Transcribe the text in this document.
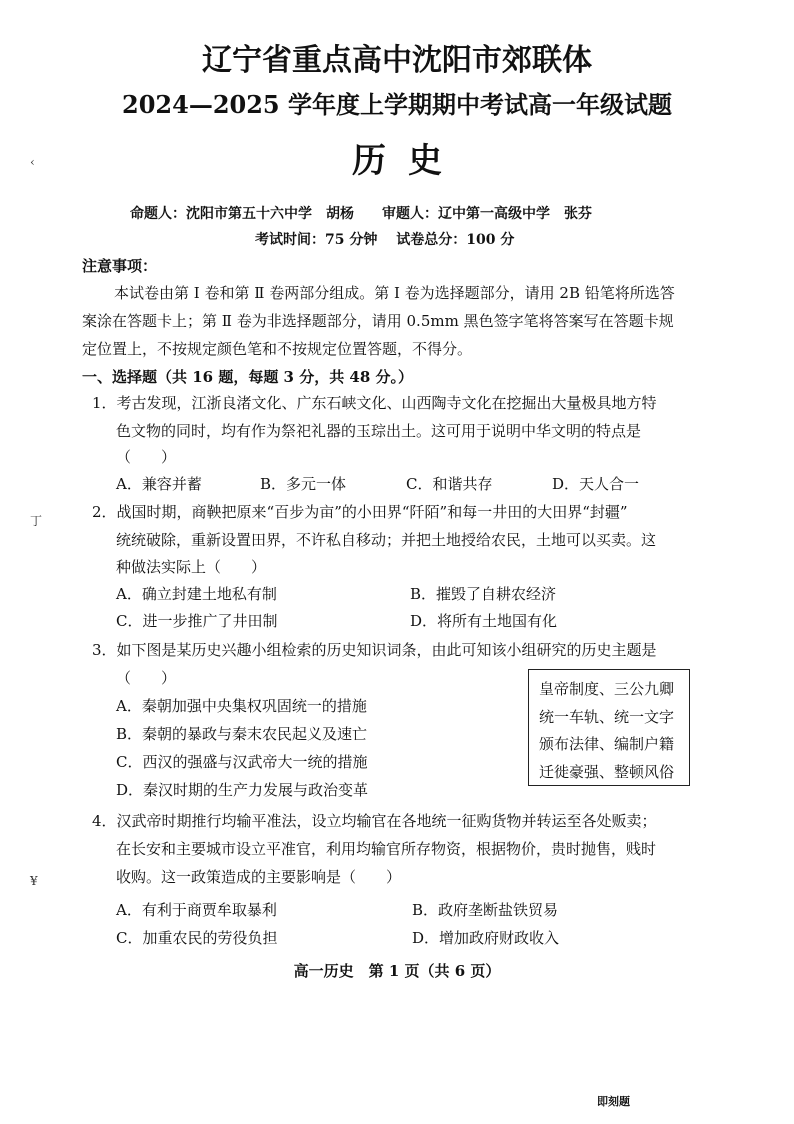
辽宁省重点高中沈阳市郊联体
2024—2025 学年度上学期期中考试高一年级试题
历史
命题人：沈阳市第五十六中学　胡杨　　审题人：辽中第一高级中学　张芬
考试时间：75 分钟　 试卷总分：100 分
注意事项：
本试卷由第 Ⅰ 卷和第 Ⅱ 卷两部分组成。第 Ⅰ 卷为选择题部分，请用 2B 铅笔将所选答
案涂在答题卡上；第 Ⅱ 卷为非选择题部分，请用 0.5mm 黑色签字笔将答案写在答题卡规
定位置上，不按规定颜色笔和不按规定位置答题，不得分。
一、选择题（共 16 题，每题 3 分，共 48 分。）
1．考古发现，江浙良渚文化、广东石峡文化、山西陶寺文化在挖掘出大量极具地方特
色文物的同时，均有作为祭祀礼器的玉琮出土。这可用于说明中华文明的特点是
（　　）
A．兼容并蓄	B．多元一体	C．和谐共存	D．天人合一
2．战国时期，商鞅把原来“百步为亩”的小田界“阡陌”和每一井田的大田界“封疆”
统统破除，重新设置田界，不许私自移动；并把土地授给农民，土地可以买卖。这
种做法实际上（　　）
A．确立封建土地私有制	B．摧毁了自耕农经济
C．进一步推广了井田制	D．将所有土地国有化
3．如下图是某历史兴趣小组检索的历史知识词条，由此可知该小组研究的历史主题是
（　　）
A．秦朝加强中央集权巩固统一的措施
B．秦朝的暴政与秦末农民起义及速亡
C．西汉的强盛与汉武帝大一统的措施
D．秦汉时期的生产力发展与政治变革
皇帝制度、三公九卿
统一车轨、统一文字
颁布法律、编制户籍
迁徙豪强、整顿风俗
4．汉武帝时期推行均输平准法，设立均输官在各地统一征购货物并转运至各处贩卖；
在长安和主要城市设立平准官，利用均输官所存物资，根据物价，贵时抛售，贱时
收购。这一政策造成的主要影响是（　　）
A．有利于商贾牟取暴利	B．政府垄断盐铁贸易
C．加重农民的劳役负担	D．增加政府财政收入
高一历史　第 1 页（共 6 页）
‹
丁
¥
即刻题
